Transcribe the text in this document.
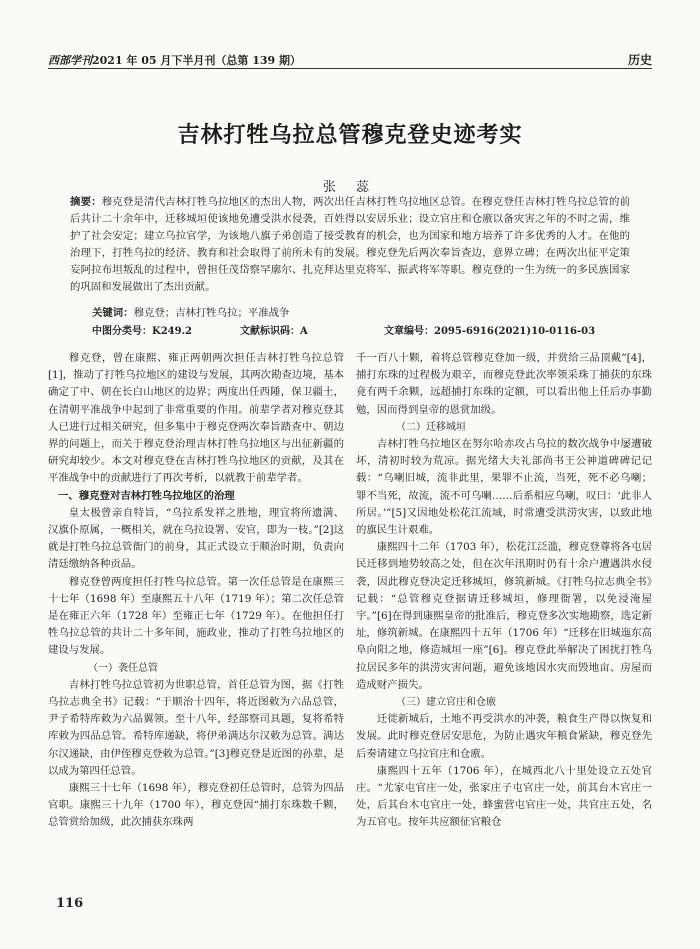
西部学刊2021 年 05 月下半月刊（总第 139 期）	历史
吉林打牲乌拉总管穆克登史迹考实
张 蕊
摘要：穆克登是清代吉林打牲乌拉地区的杰出人物，两次出任吉林打牲乌拉地区总管。在穆克登任吉林打牲乌拉总管的前后共计二十余年中，迁移城垣使该地免遭受洪水侵袭，百姓得以安居乐业；设立官庄和仓廒以备灾害之年的不时之需，维护了社会安定；建立乌拉官学，为该地八旗子弟创造了接受教育的机会，也为国家和地方培养了许多优秀的人才。在他的治理下，打牲乌拉的经济、教育和社会取得了前所未有的发展。穆克登先后两次奉旨查边，意界立碑；在两次出征平定策妄阿拉布坦叛乱的过程中，曾担任茂岱察罕廓尔、扎克拜达里克将军、振武将军等职。穆克登的一生为统一的多民族国家的巩固和发展做出了杰出贡献。
关键词：穆克登；吉林打牲乌拉；平准战争
中图分类号：K249.2	文献标识码：A	文章编号：2095-6916(2021)10-0116-03

穆克登，曾在康熙、雍正两朝两次担任吉林打牲乌拉总管[1]，推动了打牲乌拉地区的建设与发展，其两次勘查边境，基本确定了中、朝在长白山地区的边界；两度出任西陲，保卫疆土，在清朝平准战争中起到了非常重要的作用。前辈学者对穆克登其人已进行过相关研究，但多集中于穆克登两次奉旨踏查中、朝边界的问题上，而关于穆克登治理吉林打牲乌拉地区与出征新疆的研究却较少。本文对穆克登在吉林打牲乌拉地区的贡献，及其在平准战争中的贡献进行了再次考析，以就教于前辈学者。

一、穆克登对吉林打牲乌拉地区的治理

皇太极曾亲自特旨，“乌拉系发祥之胜地，理宜将所遗满、汉旗仆原属，一概相关，就在乌拉设署、安官，即为一枝。”[2]这就是打牲乌拉总管衙门的前身，其正式设立于顺治时期，负责向清廷缴纳各种贡品。

穆克登曾两度担任打牲乌拉总管。第一次任总管是在康熙三十七年（1698 年）至康熙五十八年（1719 年）；第二次任总管是在雍正六年（1728 年）至雍正七年（1729 年）。在他担任打牲乌拉总管的共计二十多年间，施政业，推动了打牲乌拉地区的建设与发展。

（一）袭任总管

吉林打牲乌拉总管初为世职总管，首任总管为图，据《打牲乌拉志典全书》记载：“于顺治十四年，将近图敕为六品总管，尹子希特库敕为六品翼领。至十八年，经部察司具题，复将希特库敕为四品总管。希特库递缺，将伊弟满达尔汉敕为总管。满达尔汉递缺，由伊侄穆克登敕为总管。”[3]穆克登是近图的孙辈，是以成为第四任总管。

康熙三十七年（1698 年），穆克登初任总管时，总管为四品官职。康熙三十九年（1700 年），穆克登因“捕打东珠数千颗，总管赏给加级，此次捕获东珠两

千一百八十颗，着将总管穆克登加一级，并赏给三品顶戴”[4]，捕打东珠的过程极为艰辛，而穆克登此次率领采珠丁捕获的东珠竟有两千余颗，远超捕打东珠的定额，可以看出他上任后办事勤勉，因而得到皇帝的恩赏加级。

（二）迁移城垣

吉林打牲乌拉地区在努尔哈赤攻占乌拉的数次战争中屡遭破坏，清初时较为荒凉。据光绪大夫礼部尚书王公神道碑碑记记载：“乌喇旧城，流非此里，果罪不止流，当死，死不必乌喇；罪不当死，故流，流不可乌喇……后系相应乌喇，叹曰：‘此非人所居。’”[5]又因地处松花江流域，时常遭受洪涝灾害，以致此地的旗民生计艰难。

康熙四十二年（1703 年），松花江泛滥，穆克登尊将各屯居民迁移到地势较高之处，但在次年汛期时仍有十余户遭遇洪水侵袭，因此穆克登决定迁移城垣，修筑新城。《打牲乌拉志典全书》记载：“总管穆克登据请迁移城垣，修理衙署，以免浸淹屋宇。”[6]在得到康熙皇帝的批准后，穆克登多次实地勘察，选定新址，修筑新城。在康熙四十五年（1706 年）“迁移在旧城迤东高阜向阳之地，修造城垣一座”[6]。穆克登此举解决了困扰打牲乌拉居民多年的洪涝灾害问题，避免该地因水灾而毁地亩、房屋而造成财产损失。

（三）建立官庄和仓廒

迁徙新城后，土地不再受洪水的冲袭，粮食生产得以恢复和发展。此时穆克登居安思危，为防止遇灾年粮食紧缺，穆克登先后奏请建立乌拉官庄和仓廒。

康熙四十五年（1706 年），在城西北八十里处设立五处官庄。“尤家屯官庄一处，张家庄子屯官庄一处，前其台木官庄一处，后其台木屯官庄一处，蜂蜜营屯官庄一处，共官庄五处，名为五官屯。按年共应额征官粮仓

116
